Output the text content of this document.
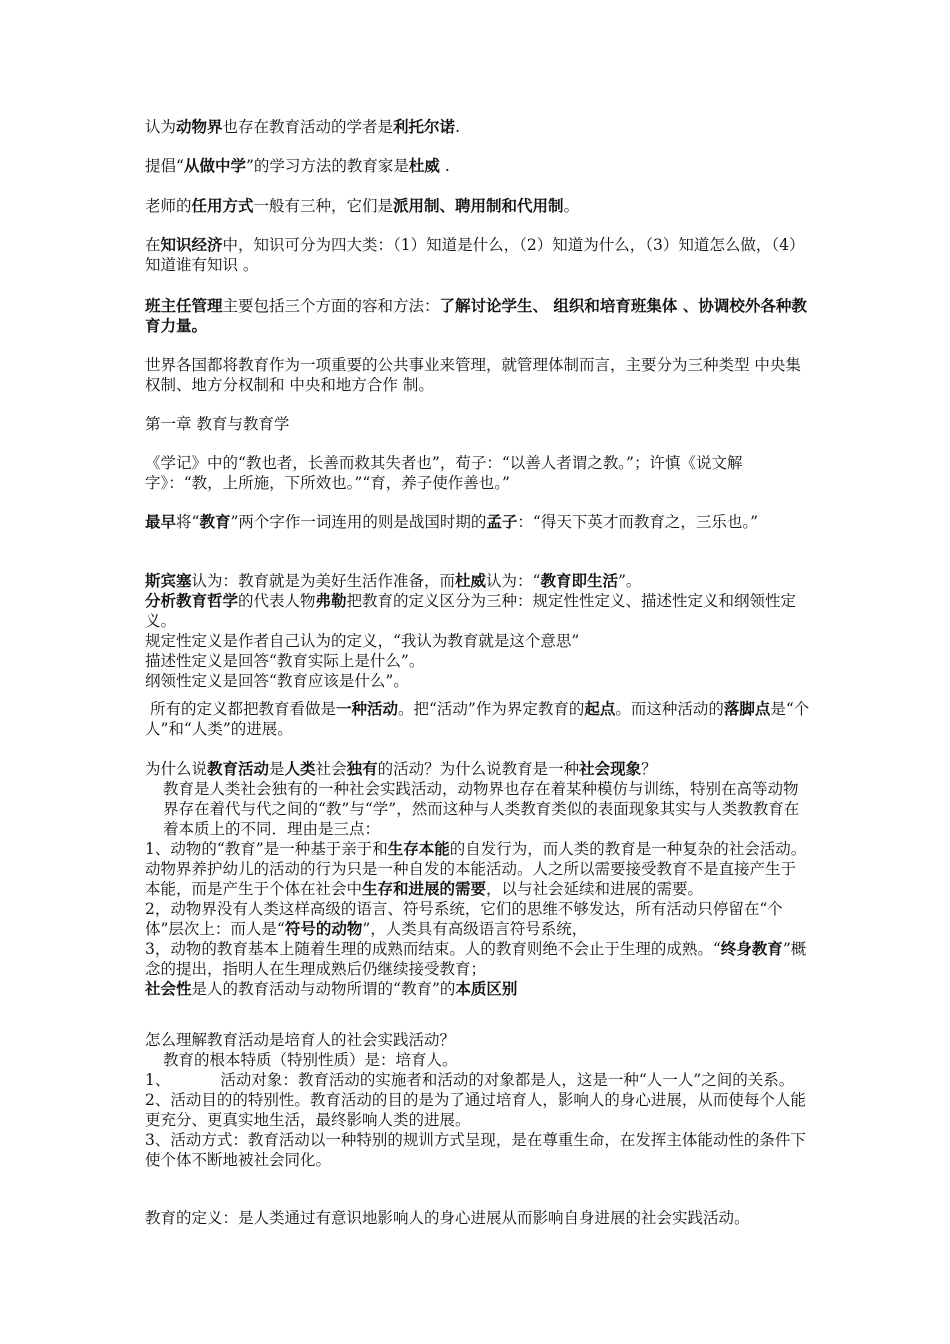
认为动物界也存在教育活动的学者是利托尔诺.

提倡“从做中学”的学习方法的教育家是杜威 .

老师的任用方式一般有三种，它们是派用制、聘用制和代用制。

在知识经济中，知识可分为四大类：（1）知道是什么，（2）知道为什么，（3）知道怎么做，（4） 知道谁有知识 。

班主任管理主要包括三个方面的容和方法：了解讨论学生、 组织和培育班集体 、协调校外各种教育力量。

世界各国都将教育作为一项重要的公共事业来管理，就管理体制而言，主要分为三种类型 中央集权制、地方分权制和 中央和地方合作 制。

第一章 教育与教育学

《学记》中的“教也者，长善而救其失者也”，荀子：“以善人者谓之教。”；许慎《说文解字》：“教，上所施，下所效也。”“育，养子使作善也。”

最早将“教育”两个字作一词连用的则是战国时期的孟子：“得天下英才而教育之，三乐也。”

斯宾塞认为：教育就是为美好生活作准备，而杜威认为：“教育即生活”。
分析教育哲学的代表人物弗勒把教育的定义区分为三种：规定性性定义、描述性定义和纲领性定义。
规定性定义是作者自己认为的定义，“我认为教育就是这个意思”
描述性定义是回答“教育实际上是什么”。
纲领性定义是回答“教育应该是什么”。

所有的定义都把教育看做是一种活动。把“活动”作为界定教育的起点。而这种活动的落脚点是“个人”和“人类”的进展。

为什么说教育活动是人类社会独有的活动？为什么说教育是一种社会现象？
教育是人类社会独有的一种社会实践活动，动物界也存在着某种模仿与训练，特别在高等动物界存在着代与代之间的“教”与“学”，然而这种与人类教育类似的表面现象其实与人类教教育在着本质上的不同．理由是三点：
1、动物的“教育”是一种基于亲于和生存本能的自发行为，而人类的教育是一种复杂的社会活动。动物界养护幼儿的活动的行为只是一种自发的本能活动。人之所以需要接受教育不是直接产生于本能，而是产生于个体在社会中生存和进展的需要，以与社会延续和进展的需要。
2，动物界没有人类这样高级的语言、符号系统，它们的思维不够发达，所有活动只停留在“个体”层次上：而人是“符号的动物”，人类具有高级语言符号系统，
3，动物的教育基本上随着生理的成熟而结束。人的教育则绝不会止于生理的成熟。“终身教育”概念的提出，指明人在生理成熟后仍继续接受教育；
社会性是人的教育活动与动物所谓的“教育”的本质区别
怎么理解教育活动是培育人的社会实践活动？
教育的根本特质（特别性质）是：培育人。
1、	活动对象：教育活动的实施者和活动的对象都是人，这是一种“人一人”之间的关系。
2、活动目的的特别性。教育活动的目的是为了通过培育人，影响人的身心进展，从而使每个人能更充分、更真实地生活，最终影响人类的进展。
3、活动方式：教育活动以一种特别的规训方式呈现，是在尊重生命，在发挥主体能动性的条件下使个体不断地被社会同化。

教育的定义：是人类通过有意识地影响人的身心进展从而影响自身进展的社会实践活动。
